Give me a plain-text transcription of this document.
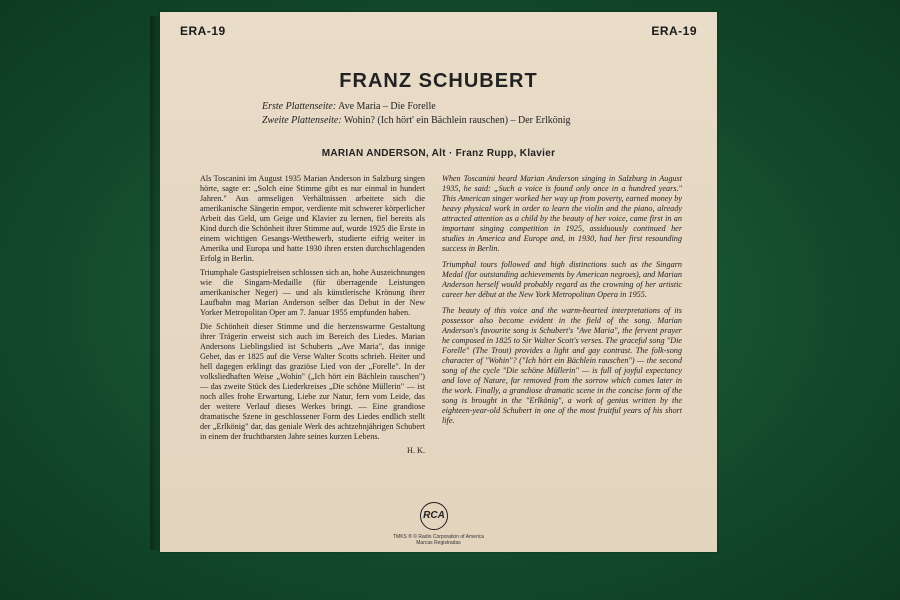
ERA-19	ERA-19
FRANZ SCHUBERT
Erste Plattenseite: Ave Maria – Die Forelle
Zweite Plattenseite: Wohin? (Ich hört' ein Bächlein rauschen) – Der Erlkönig
MARIAN ANDERSON, Alt · Franz Rupp, Klavier

Als Toscanini im August 1935 Marian Anderson in Salzburg singen hörte, sagte er: „Solch eine Stimme gibt es nur einmal in hundert Jahren." Aus armseligen Verhältnissen arbeitete sich die amerikanische Sängerin empor, verdiente mit schwerer körperlicher Arbeit das Geld, um Geige und Klavier zu lernen, fiel bereits als Kind durch die Schönheit ihrer Stimme auf, wurde 1925 die Erste in einem wichtigen Gesangs-Wettbewerb, studierte eifrig weiter in Amerika und Europa und hatte 1930 ihren ersten durchschlagenden Erfolg in Berlin.

Triumphale Gastspielreisen schlossen sich an, hohe Auszeichnungen wie die Singarn-Medaille (für überragende Leistungen amerikanischer Neger) — und als künstlerische Krönung ihrer Laufbahn mag Marian Anderson selber das Debut in der New Yorker Metropolitan Oper am 7. Januar 1955 empfunden haben.

Die Schönheit dieser Stimme und die herzenswarme Gestaltung ihrer Trägerin erweist sich auch im Bereich des Liedes. Marian Andersons Lieblingslied ist Schuberts „Ave Maria", das innige Gebet, das er 1825 auf die Verse Walter Scotts schrieb. Heiter und hell dagegen erklingt das graziöse Lied von der „Forelle". In der volksliedhaften Weise „Wohin" („Ich hört ein Bächlein rauschen") — das zweite Stück des Liederkreises „Die schöne Müllerin" — ist noch alles frohe Erwartung, Liebe zur Natur, fern vom Leide, das der weitere Verlauf dieses Werkes bringt. — Eine grandiose dramatische Szene in geschlossener Form des Liedes endlich stellt der „Erlkönig" dar, das geniale Werk des achtzehnjährigen Schubert in einem der fruchtbarsten Jahre seines kurzen Lebens.

H. K.

When Toscanini heard Marian Anderson singing in Salzburg in August 1935, he said: „Such a voice is found only once in a hundred years." This American singer worked her way up from poverty, earned money by heavy physical work in order to learn the violin and the piano, already attracted attention as a child by the beauty of her voice, came first in an important singing competition in 1925, assiduously continued her studies in America and Europe and, in 1930, had her first resounding success in Berlin.

Triumphal tours followed and high distinctions such as the Singarn Medal (for outstanding achievements by American negroes), and Marian Anderson herself would probably regard as the crowning of her artistic career her début at the New York Metropolitan Opera in 1955.

The beauty of this voice and the warm-hearted interpretations of its possessor also become evident in the field of the song. Marian Anderson's favourite song is Schubert's "Ave Maria", the fervent prayer he composed in 1825 to Sir Walter Scott's verses. The graceful song "Die Forelle" (The Trout) provides a light and gay contrast. The folk-song character of "Wohin"? ("Ich hört ein Bächlein rauschen") — the second song of the cycle "Die schöne Müllerin" — is full of joyful expectancy and love of Nature, far removed from the sorrow which comes later in the work. Finally, a grandiose dramatic scene in the concise form of the song is brought in the "Erlkönig", a work of genius written by the eighteen-year-old Schubert in one of the most fruitful years of his short life.

RCA
TMKS ® © Radio Corporation of America
Marcas Registradas
